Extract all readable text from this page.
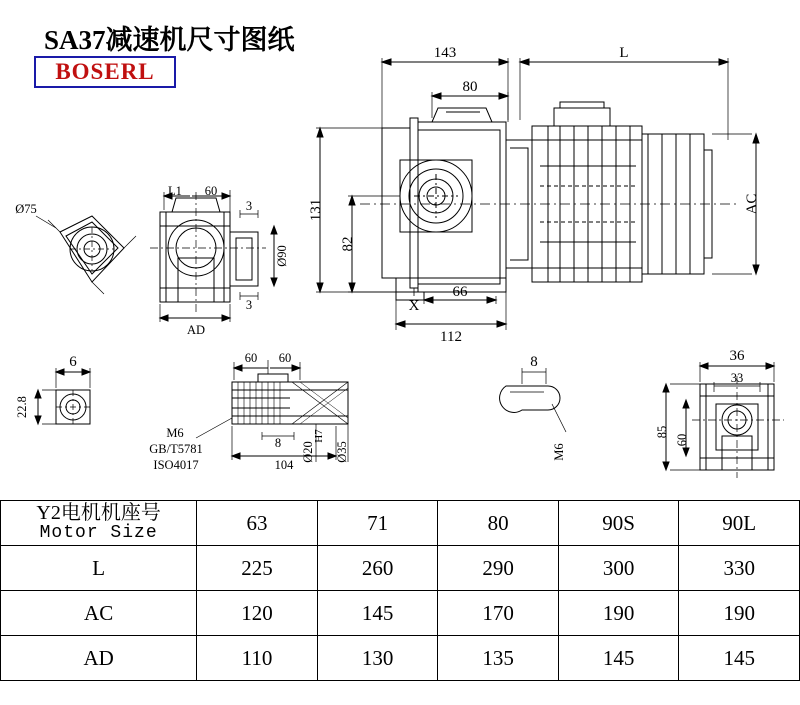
SA37减速机尺寸图纸
BOSERL
143	L
80
131
82
AC
X
66
112
L1 60
3
3
Ø90
AD
Ø75
6
22.8
60 60
M6
GB/T5781
ISO4017
8
104
Ø20
H7
Ø35
8
M6
36
33
85
60
Y2电机机座号
Motor Size	63	71	80	90S	90L
L	225	260	290	300	330
AC	120	145	170	190	190
AD	110	130	135	145	145
